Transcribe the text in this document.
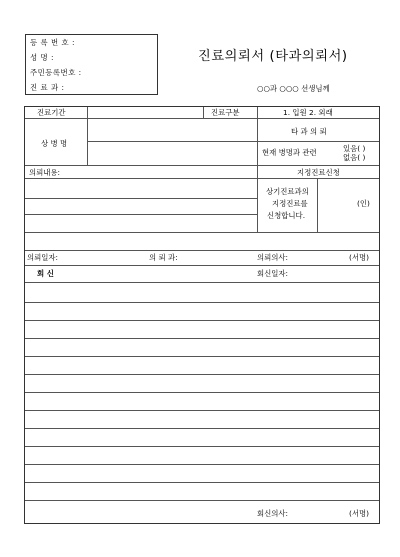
등 록 번 호 :
성 명 :
주민등록번호 :
진 료 과 :
진료의뢰서 (타과의뢰서)
○○과 ○○○ 선생님께
진료기간	진료구분	1. 입원 2. 외래
상 병 명
타 과 의 뢰
현재 병명과 관련	있음( )
없음( )
의뢰내용:	지정진료신청
상기진료과의
지정진료를
신청합니다.
(인)
의뢰일자:	의 뢰 과:	의뢰의사:	(서명)
회 신	회신일자:
회신의사:	(서명)
